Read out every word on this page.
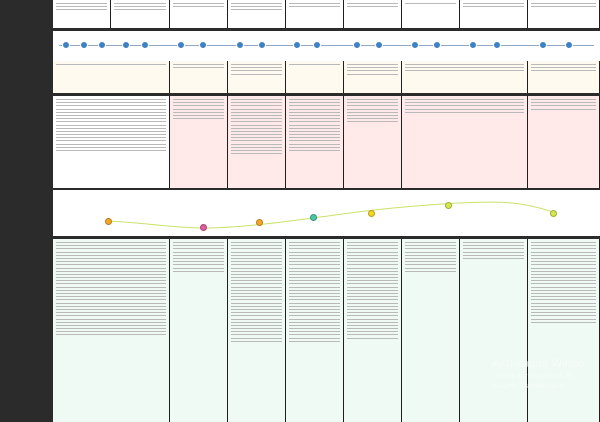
Активация Windo
Чтобы активировать W
раздел "Параметры".
